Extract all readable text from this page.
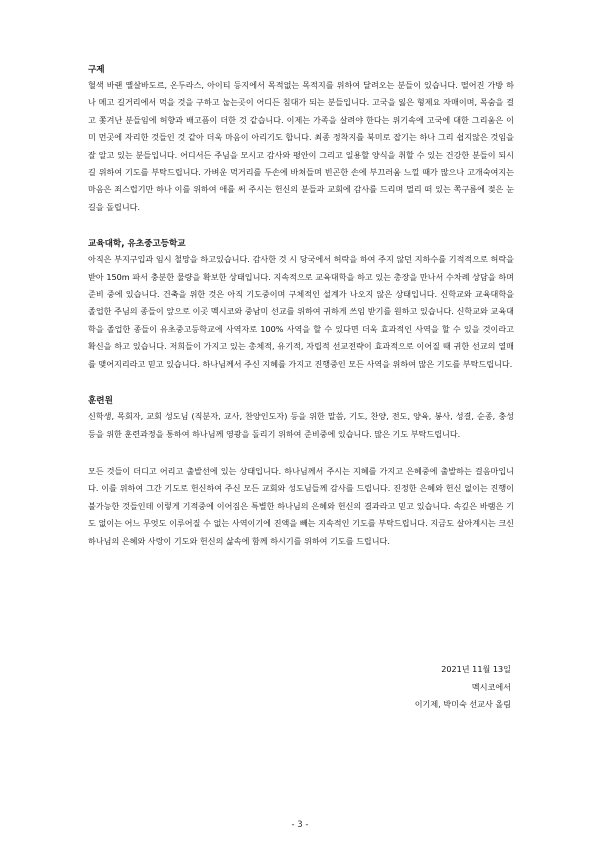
구제

혈색 바랜 옐살바도르, 온두라스, 아이티 등지에서 목적없는 목적지를 위하여 달려오는 분들이 있습니다. 떨어진 가방 하나 메고 길거리에서 먹을 것을 구하고 눕는곳이 어디든 침대가 되는 분들입니다. 고국을 잃은 형제요 자매이며, 목숨을 걸고 쫓겨난 분들임에 허향과 배고픔이 더한 것 같습니다. 이제는 가족을 살려야 한다는 위기속에 고국에 대한 그리움은 이미 먼곳에 자리한 것들인 것 같아 더욱 마음이 아리기도 합니다. 최종 정착지를 북미로 잡기는 하나 그리 쉽지않은 것임을 잘 알고 있는 분들입니다. 어디서든 주님을 모시고 감사와 평안이 그리고 일용할 양식을 취할 수 있는 건강한 분들이 되시길 위하여 기도를 부탁드립니다. 가벼운 먹거리를 두손에 바쳐들며 빈곤한 손에 부끄러움 느낄 때가 많으나 고개숙여지는 마음은 죄스럽기만 하나 이를 위하여 애를 써 주시는 헌신의 분들과 교회에 감사를 드리며 멀리 떠 있는 쪽구름에 젖은 눈길을 돌립니다.

교육대학, 유초중고등학교

아직은 부지구입과 임시 철망을 하고있습니다. 감사한 것 시 당국에서 허락을 하여 주지 않던 지하수를 기적적으로 허락을 받아 150m 파서 충분한 물량을 확보한 상태입니다. 지속적으로 교육대학을 하고 있는 총장을 만나서 수차례 상담을 하며 준비 중에 있습니다. 건축을 위한 것은 아직 기도중이며 구체적인 설계가 나오지 않은 상태입니다. 신학교와 교육대학을 졸업한 주님의 종들이 앞으로 이곳 멕시코와 중남미 선교를 위하여 귀하게 쓰임 받기를 원하고 있습니다. 신학교와 교육대학을 졸업한 종들이 유초중고등학교에 사역자로 100% 사역을 할 수 있다면 더욱 효과적인 사역을 할 수 있을 것이라고 확신을 하고 있습니다. 저희들이 가지고 있는 총체적, 유기적, 자립적 선교전략이 효과적으로 이어질 때 귀한 선교의 열매를 맺어지리라고 믿고 있습니다. 하나님께서 주신 지혜를 가지고 진행중인 모든 사역을 위하여 많은 기도를 부탁드립니다.

훈련원

신학생, 목회자, 교회 성도님 (직분자, 교사, 찬양인도자) 등을 위한 말씀, 기도, 찬양, 전도, 양육, 봉사, 성결, 순종, 충성 등을 위한 훈련과정을 통하여 하나님께 영광을 돌리기 위하여 준비중에 있습니다. 많은 기도 부탁드립니다.

모든 것들이 더디고 어리고 출발선에 있는 상태입니다. 하나님께서 주시는 지혜를 가지고 은혜중에 출발하는 걸음마입니다. 이를 위하여 그간 기도로 헌신하여 주신 모든 교회와 성도님들께 감사를 드립니다. 진정한 은혜와 헌신 없이는 진행이 불가능한 것들인데 이렇게 기적중에 이어짐은 특별한 하나님의 은혜와 헌신의 결과라고 믿고 있습니다. 속깊은 바램은 기도 없이는 어느 무엇도 이루어질 수 없는 사역이기에 진액을 빼는 지속적인 기도를 부탁드립니다. 지금도 살아계시는 크신 하나님의 은혜와 사랑이 기도와 헌신의 삶속에 함께 하시기를 위하여 기도를 드립니다.

2021년 11월 13일
멕시코에서
이기제, 박미숙 선교사 올림
- 3 -
